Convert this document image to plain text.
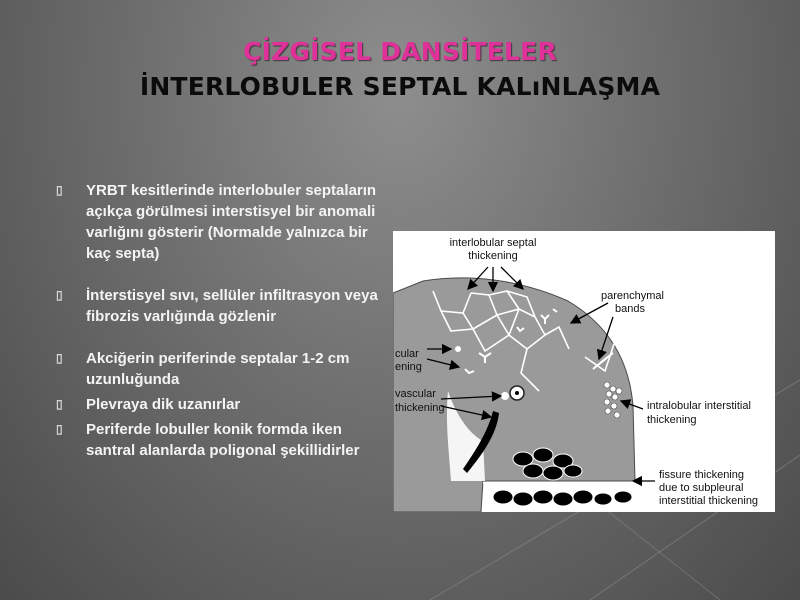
ÇİZGİSEL DANSİTELER
İNTERLOBULER SEPTAL KALıNLAŞMA
▯ YRBT kesitlerinde interlobuler septaların açıkça görülmesi interstisyel bir anomali varlığını gösterir (Normalde yalnızca bir kaç septa)
▯ İnterstisyel sıvı, sellüler infiltrasyon veya fibrozis varlığında gözlenir
▯ Akciğerin periferinde septalar 1-2 cm uzunluğunda
▯ Plevraya dik uzanırlar
▯ Periferde lobuller konik formda iken santral alanlarda poligonal şekillidirler
interlobular septal
thickening
parenchymal
bands
cular
ening
vascular
thickening	intralobular interstitial
thickening
fissure thickening
due to subpleural
interstitial thickening
